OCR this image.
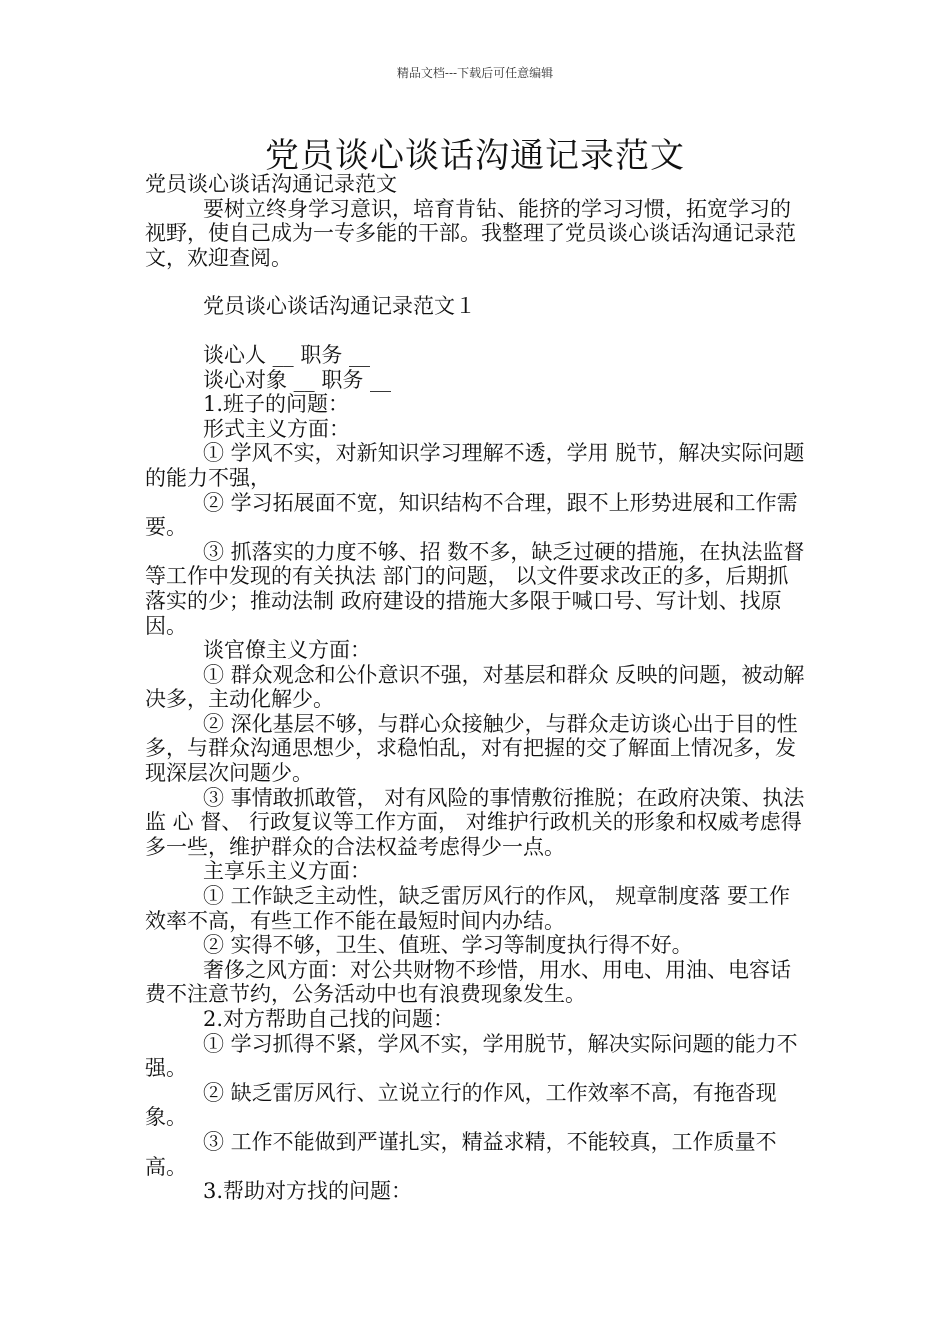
精品文档---下载后可任意编辑
党员谈心谈话沟通记录范文

党员谈心谈话沟通记录范文

要树立终身学习意识，培育肯钻、能挤的学习习惯，拓宽学习的视野，使自己成为一专多能的干部。我整理了党员谈心谈话沟通记录范文，欢迎查阅。

党员谈心谈话沟通记录范文１

谈心人 __ 职务 __

谈心对象 __ 职务 __

1.班子的问题：

形式主义方面：

① 学风不实，对新知识学习理解不透，学用 脱节，解决实际问题的能力不强，

② 学习拓展面不宽，知识结构不合理，跟不上形势进展和工作需要。

③ 抓落实的力度不够、招 数不多，缺乏过硬的措施，在执法监督等工作中发现的有关执法 部门的问题， 以文件要求改正的多，后期抓落实的少；推动法制 政府建设的措施大多限于喊口号、写计划、找原因。

谈官僚主义方面：

① 群众观念和公仆意识不强，对基层和群众 反映的问题，被动解决多，主动化解少。

② 深化基层不够，与群心众接触少，与群众走访谈心出于目的性多，与群众沟通思想少，求稳怕乱，对有把握的交了解面上情况多，发现深层次问题少。

③ 事情敢抓敢管， 对有风险的事情敷衍推脱；在政府决策、执法监 心 督、 行政复议等工作方面， 对维护行政机关的形象和权威考虑得 多一些，维护群众的合法权益考虑得少一点。

主享乐主义方面：

① 工作缺乏主动性，缺乏雷厉风行的作风， 规章制度落 要工作效率不高，有些工作不能在最短时间内办结。

② 实得不够，卫生、值班、学习等制度执行得不好。

奢侈之风方面：对公共财物不珍惜，用水、用电、用油、电容话费不注意节约，公务活动中也有浪费现象发生。

2.对方帮助自己找的问题：

① 学习抓得不紧，学风不实，学用脱节，解决实际问题的能力不强。

② 缺乏雷厉风行、立说立行的作风，工作效率不高，有拖沓现象。

③ 工作不能做到严谨扎实，精益求精，不能较真，工作质量不高。

3.帮助对方找的问题：
